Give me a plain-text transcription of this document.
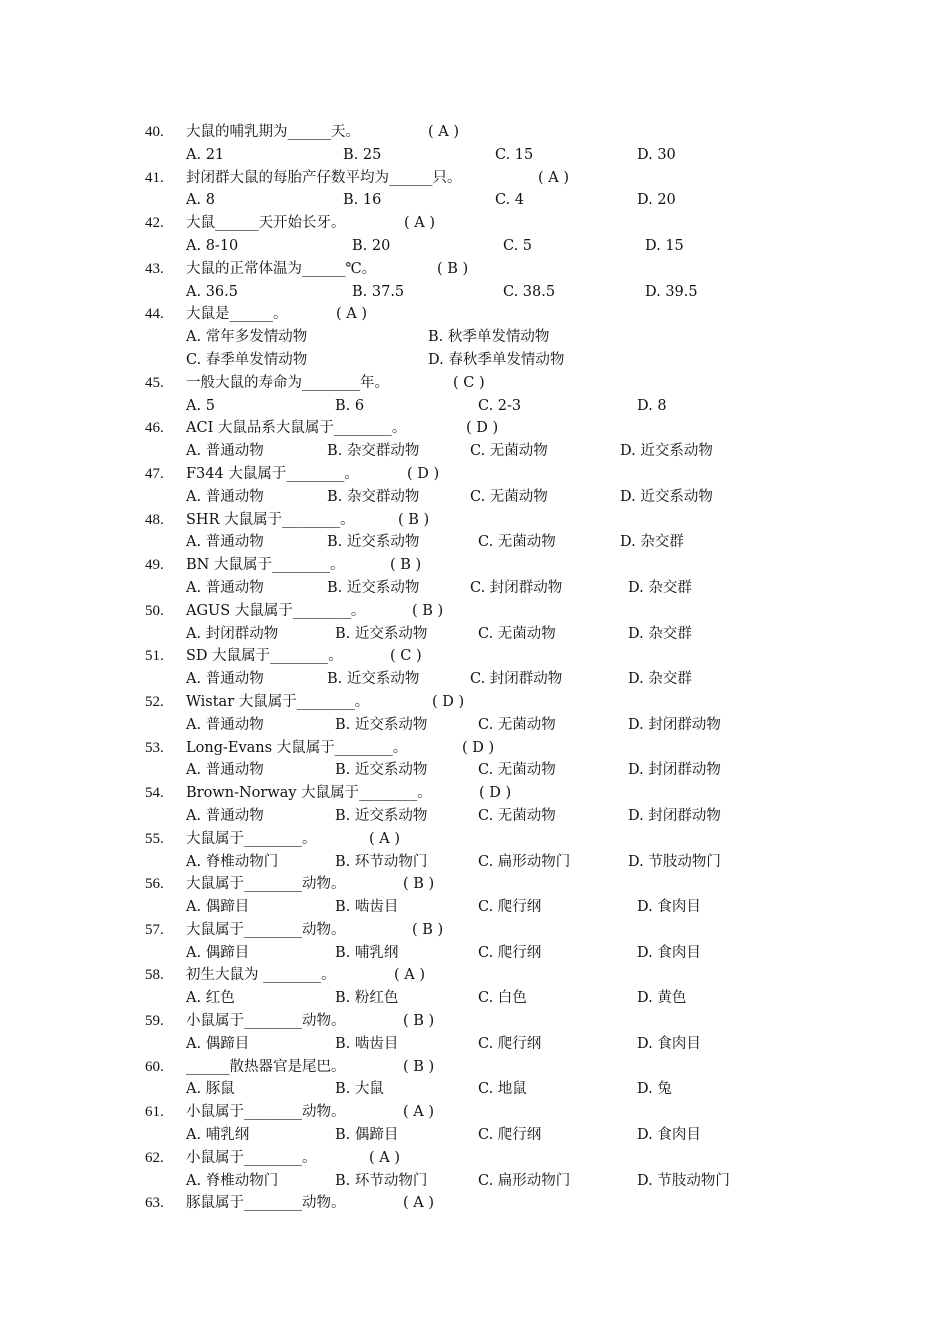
40. 大鼠的哺乳期为______天。	( A )
A. 21	B. 25	C. 15	D. 30
41. 封闭群大鼠的每胎产仔数平均为______只。	( A )
A. 8	B. 16	C. 4	D. 20
42. 大鼠______天开始长牙。	( A )
A. 8-10	B. 20	C. 5	D. 15
43. 大鼠的正常体温为______℃。	( B )
A. 36.5	B. 37.5	C. 38.5	D. 39.5
44. 大鼠是______。	( A )
A. 常年多发情动物	B. 秋季单发情动物
C. 春季单发情动物	D. 春秋季单发情动物
45. 一般大鼠的寿命为________年。	( C )
A. 5	B. 6	C. 2-3	D. 8
46. ACI 大鼠品系大鼠属于________。	( D )
A. 普通动物	B. 杂交群动物	C. 无菌动物	D. 近交系动物
47. F344 大鼠属于________。	( D )
A. 普通动物	B. 杂交群动物	C. 无菌动物	D. 近交系动物
48. SHR 大鼠属于________。	( B )
A. 普通动物	B. 近交系动物	C. 无菌动物	D. 杂交群
49. BN 大鼠属于________。	( B )
A. 普通动物	B. 近交系动物	C. 封闭群动物	D. 杂交群
50. AGUS 大鼠属于________。	( B )
A. 封闭群动物	B. 近交系动物	C. 无菌动物	D. 杂交群
51. SD 大鼠属于________。	( C )
A. 普通动物	B. 近交系动物	C. 封闭群动物	D. 杂交群
52. Wistar 大鼠属于________。	( D )
A. 普通动物	B. 近交系动物	C. 无菌动物	D. 封闭群动物
53. Long-Evans 大鼠属于________。	( D )
A. 普通动物	B. 近交系动物	C. 无菌动物	D. 封闭群动物
54. Brown-Norway 大鼠属于________。	( D )
A. 普通动物	B. 近交系动物	C. 无菌动物	D. 封闭群动物
55. 大鼠属于________。	( A )
A. 脊椎动物门	B. 环节动物门	C. 扁形动物门	D. 节肢动物门
56. 大鼠属于________动物。	( B )
A. 偶蹄目	B. 啮齿目	C. 爬行纲	D. 食肉目
57. 大鼠属于________动物。	( B )
A. 偶蹄目	B. 哺乳纲	C. 爬行纲	D. 食肉目
58. 初生大鼠为 ________。	( A )
A. 红色	B. 粉红色	C. 白色	D. 黄色
59. 小鼠属于________动物。	( B )
A. 偶蹄目	B. 啮齿目	C. 爬行纲	D. 食肉目
60. ______散热器官是尾巴。	( B )
A. 豚鼠	B. 大鼠	C. 地鼠	D. 兔
61. 小鼠属于________动物。	( A )
A. 哺乳纲	B. 偶蹄目	C. 爬行纲	D. 食肉目
62. 小鼠属于________。	( A )
A. 脊椎动物门	B. 环节动物门	C. 扁形动物门	D. 节肢动物门
63. 豚鼠属于________动物。	( A )
